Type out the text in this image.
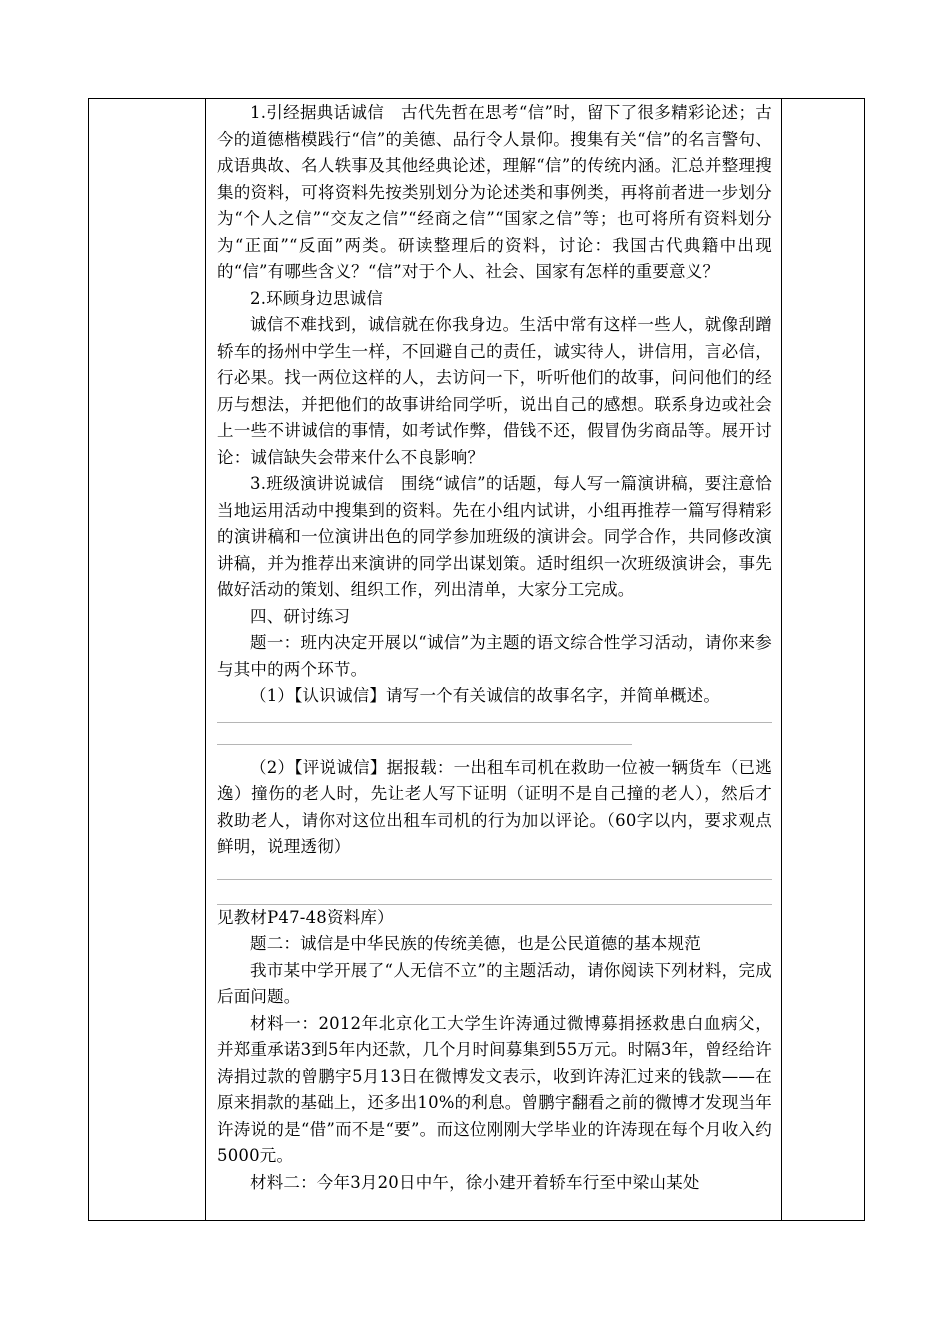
1.引经据典话诚信　古代先哲在思考“信”时，留下了很多精彩论述；古今的道德楷模践行“信”的美德、品行令人景仰。搜集有关“信”的名言警句、成语典故、名人轶事及其他经典论述，理解“信”的传统内涵。汇总并整理搜集的资料，可将资料先按类别划分为论述类和事例类，再将前者进一步划分为“个人之信”“交友之信”“经商之信”“国家之信”等；也可将所有资料划分为“正面”“反面”两类。研读整理后的资料，讨论：我国古代典籍中出现的“信”有哪些含义？“信”对于个人、社会、国家有怎样的重要意义？

2.环顾身边思诚信

诚信不难找到，诚信就在你我身边。生活中常有这样一些人，就像刮蹭轿车的扬州中学生一样，不回避自己的责任，诚实待人，讲信用，言必信，行必果。找一两位这样的人，去访问一下，听听他们的故事，问问他们的经历与想法，并把他们的故事讲给同学听，说出自己的感想。联系身边或社会上一些不讲诚信的事情，如考试作弊，借钱不还，假冒伪劣商品等。展开讨论：诚信缺失会带来什么不良影响？

3.班级演讲说诚信　围绕“诚信”的话题，每人写一篇演讲稿，要注意恰当地运用活动中搜集到的资料。先在小组内试讲，小组再推荐一篇写得精彩的演讲稿和一位演讲出色的同学参加班级的演讲会。同学合作，共同修改演讲稿，并为推荐出来演讲的同学出谋划策。适时组织一次班级演讲会，事先做好活动的策划、组织工作，列出清单，大家分工完成。

四、研讨练习

题一：班内决定开展以“诚信”为主题的语文综合性学习活动，请你来参与其中的两个环节。

（1）【认识诚信】请写一个有关诚信的故事名字，并简单概述。

（2）【评说诚信】据报载：一出租车司机在救助一位被一辆货车（已逃逸）撞伤的老人时，先让老人写下证明（证明不是自己撞的老人），然后才救助老人，请你对这位出租车司机的行为加以评论。（60字以内，要求观点鲜明，说理透彻）

见教材P47-48资料库）

题二：诚信是中华民族的传统美德，也是公民道德的基本规范

我市某中学开展了“人无信不立”的主题活动，请你阅读下列材料，完成后面问题。

材料一：2012年北京化工大学生许涛通过微博募捐拯救患白血病父，并郑重承诺3到5年内还款，几个月时间募集到55万元。时隔3年，曾经给许涛捐过款的曾鹏宇5月13日在微博发文表示，收到许涛汇过来的钱款——在原来捐款的基础上，还多出10%的利息。曾鹏宇翻看之前的微博才发现当年许涛说的是“借”而不是“要”。而这位刚刚大学毕业的许涛现在每个月收入约5000元。

材料二：今年3月20日中午，徐小建开着轿车行至中梁山某处
